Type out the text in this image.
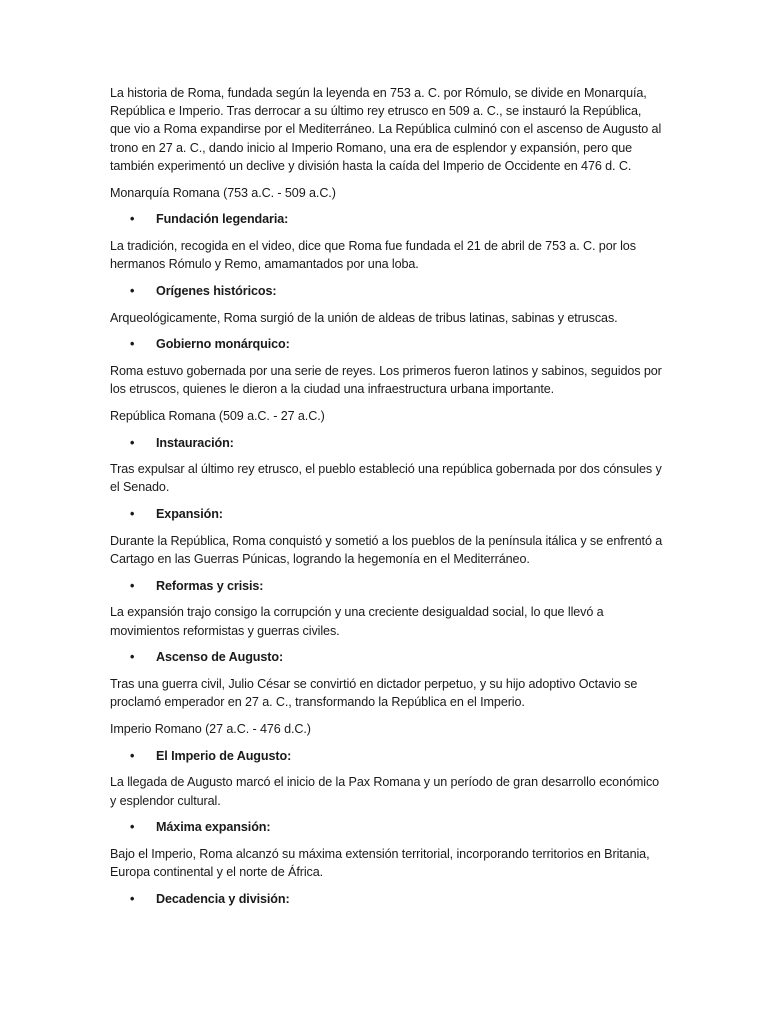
La historia de Roma, fundada según la leyenda en 753 a. C. por Rómulo, se divide en Monarquía, República e Imperio. Tras derrocar a su último rey etrusco en 509 a. C., se instauró la República, que vio a Roma expandirse por el Mediterráneo. La República culminó con el ascenso de Augusto al trono en 27 a. C., dando inicio al Imperio Romano, una era de esplendor y expansión, pero que también experimentó un declive y división hasta la caída del Imperio de Occidente en 476 d. C.

Monarquía Romana (753 a.C. - 509 a.C.)

• Fundación legendaria:

La tradición, recogida en el video, dice que Roma fue fundada el 21 de abril de 753 a. C. por los hermanos Rómulo y Remo, amamantados por una loba.

• Orígenes históricos:

Arqueológicamente, Roma surgió de la unión de aldeas de tribus latinas, sabinas y etruscas.

• Gobierno monárquico:

Roma estuvo gobernada por una serie de reyes. Los primeros fueron latinos y sabinos, seguidos por los etruscos, quienes le dieron a la ciudad una infraestructura urbana importante.

República Romana (509 a.C. - 27 a.C.)

• Instauración:

Tras expulsar al último rey etrusco, el pueblo estableció una república gobernada por dos cónsules y el Senado.

• Expansión:

Durante la República, Roma conquistó y sometió a los pueblos de la península itálica y se enfrentó a Cartago en las Guerras Púnicas, logrando la hegemonía en el Mediterráneo.

• Reformas y crisis:

La expansión trajo consigo la corrupción y una creciente desigualdad social, lo que llevó a movimientos reformistas y guerras civiles.

• Ascenso de Augusto:

Tras una guerra civil, Julio César se convirtió en dictador perpetuo, y su hijo adoptivo Octavio se proclamó emperador en 27 a. C., transformando la República en el Imperio.

Imperio Romano (27 a.C. - 476 d.C.)

• El Imperio de Augusto:

La llegada de Augusto marcó el inicio de la Pax Romana y un período de gran desarrollo económico y esplendor cultural.

• Máxima expansión:

Bajo el Imperio, Roma alcanzó su máxima extensión territorial, incorporando territorios en Britania, Europa continental y el norte de África.

• Decadencia y división:
